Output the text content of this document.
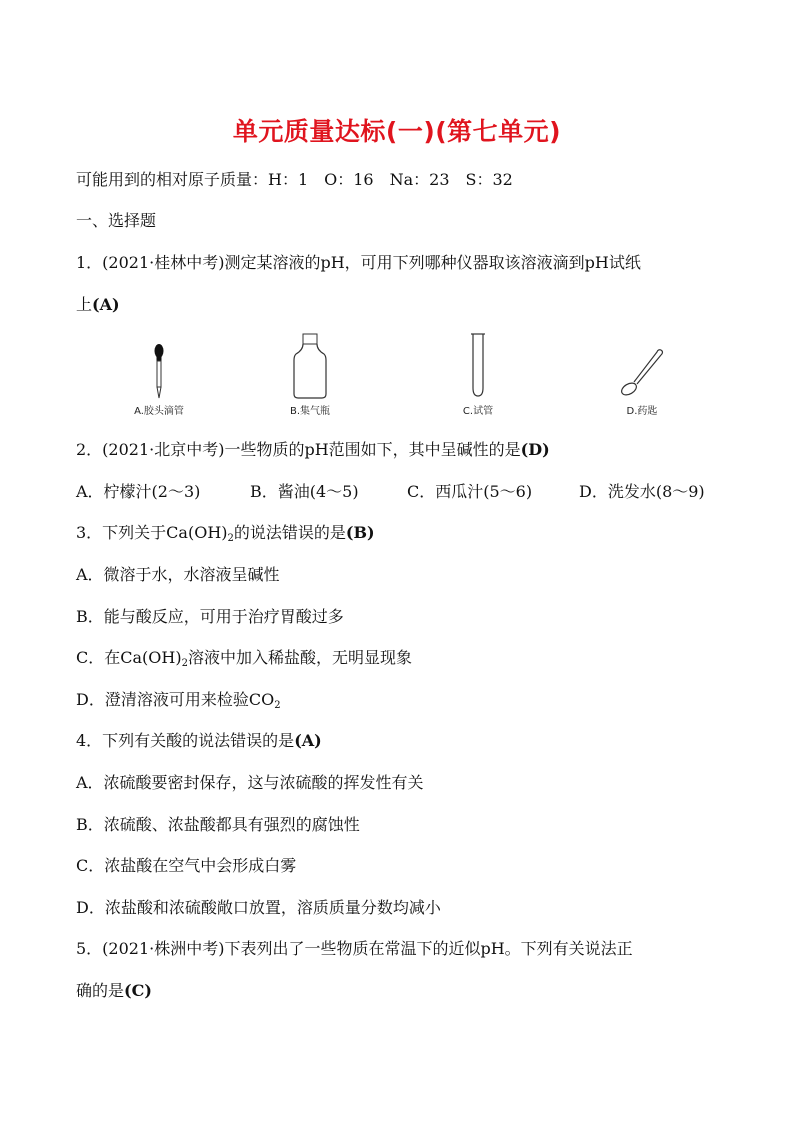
单元质量达标(一)(第七单元)
可能用到的相对原子质量：H：1　O：16　Na：23　S：32
一、选择题
1．(2021·桂林中考)测定某溶液的pH，可用下列哪种仪器取该溶液滴到pH试纸
上(A)
A.胶头滴管	B.集气瓶	C.试管	D.药匙
2．(2021·北京中考)一些物质的pH范围如下，其中呈碱性的是(D)
A．柠檬汁(2～3)	B．酱油(4～5)	C．西瓜汁(5～6)	D．洗发水(8～9)
3．下列关于$Ca(OH)_2$的说法错误的是(B)
A．微溶于水，水溶液呈碱性
B．能与酸反应，可用于治疗胃酸过多
C．在$Ca(OH)_2$溶液中加入稀盐酸，无明显现象
D．澄清溶液可用来检验$CO_2$
4．下列有关酸的说法错误的是(A)
A．浓硫酸要密封保存，这与浓硫酸的挥发性有关
B．浓硫酸、浓盐酸都具有强烈的腐蚀性
C．浓盐酸在空气中会形成白雾
D．浓盐酸和浓硫酸敞口放置，溶质质量分数均减小
5．(2021·株洲中考)下表列出了一些物质在常温下的近似pH。下列有关说法正
确的是(C)
